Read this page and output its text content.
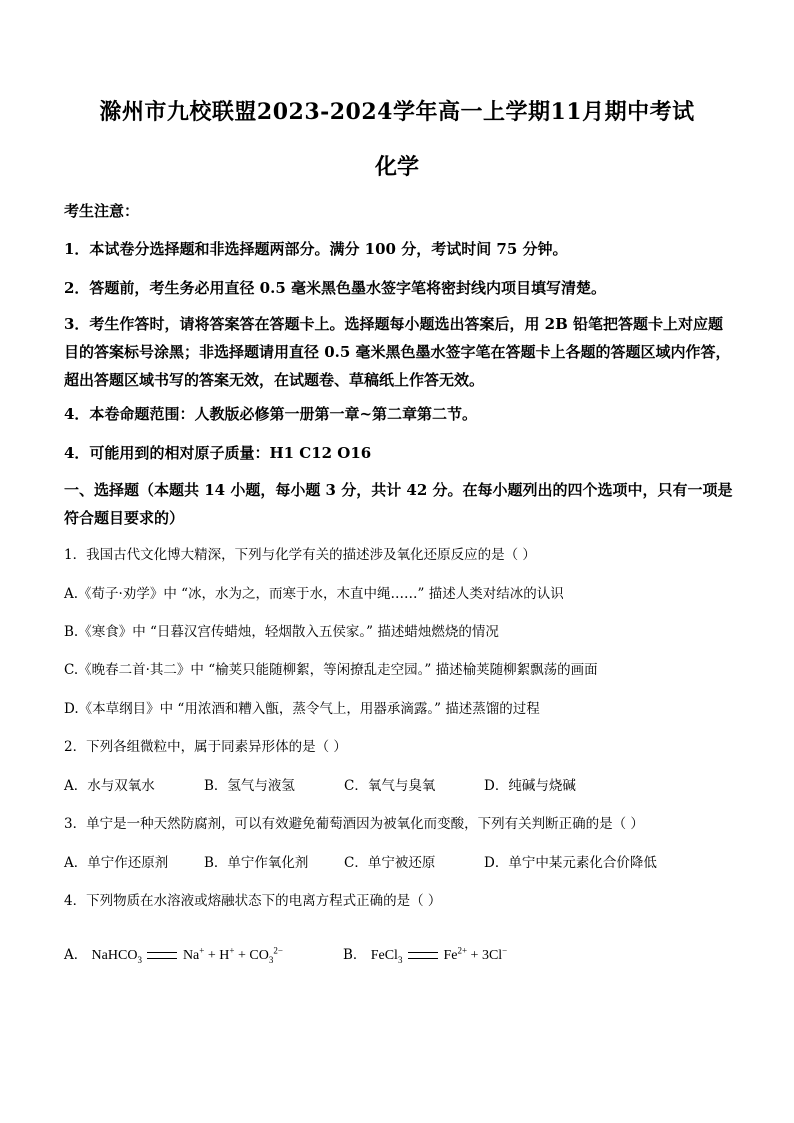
滁州市九校联盟2023-2024学年高一上学期11月期中考试
化学
考生注意：
1．本试卷分选择题和非选择题两部分。满分 100 分，考试时间 75 分钟。
2．答题前，考生务必用直径 0.5 毫米黑色墨水签字笔将密封线内项目填写清楚。
3．考生作答时，请将答案答在答题卡上。选择题每小题选出答案后，用 2B 铅笔把答题卡上对应题目的答案标号涂黑；非选择题请用直径 0.5 毫米黑色墨水签字笔在答题卡上各题的答题区域内作答，超出答题区域书写的答案无效，在试题卷、草稿纸上作答无效。
4．本卷命题范围：人教版必修第一册第一章~第二章第二节。
4．可能用到的相对原子质量：H1 C12 O16
一、选择题（本题共 14 小题，每小题 3 分，共计 42 分。在每小题列出的四个选项中，只有一项是符合题目要求的）
1．我国古代文化博大精深，下列与化学有关的描述涉及氧化还原反应的是（ ）
A.《荀子·劝学》中 “冰，水为之，而寒于水，木直中绳……” 描述人类对结冰的认识
B.《寒食》中 “日暮汉宫传蜡烛，轻烟散入五侯家。” 描述蜡烛燃烧的情况
C.《晚春二首·其二》中 “榆荚只能随柳絮，等闲撩乱走空园。” 描述榆荚随柳絮飘荡的画面
D.《本草纲目》中 “用浓酒和糟入甑，蒸令气上，用器承滴露。” 描述蒸馏的过程
2．下列各组微粒中，属于同素异形体的是（ ）
A．水与双氧水	B．氢气与液氢	C．氧气与臭氧	D．纯碱与烧碱
3．单宁是一种天然防腐剂，可以有效避免葡萄酒因为被氧化而变酸，下列有关判断正确的是（ ）
A．单宁作还原剂	B．单宁作氧化剂	C．单宁被还原	D．单宁中某元素化合价降低
4．下列物质在水溶液或熔融状态下的电离方程式正确的是（ ）
A． NaHCO$_3$	$Na^+ + H^+ + CO_3^{2-}$	B． FeCl$_3$	$Fe^{2+} + 3Cl^-$
